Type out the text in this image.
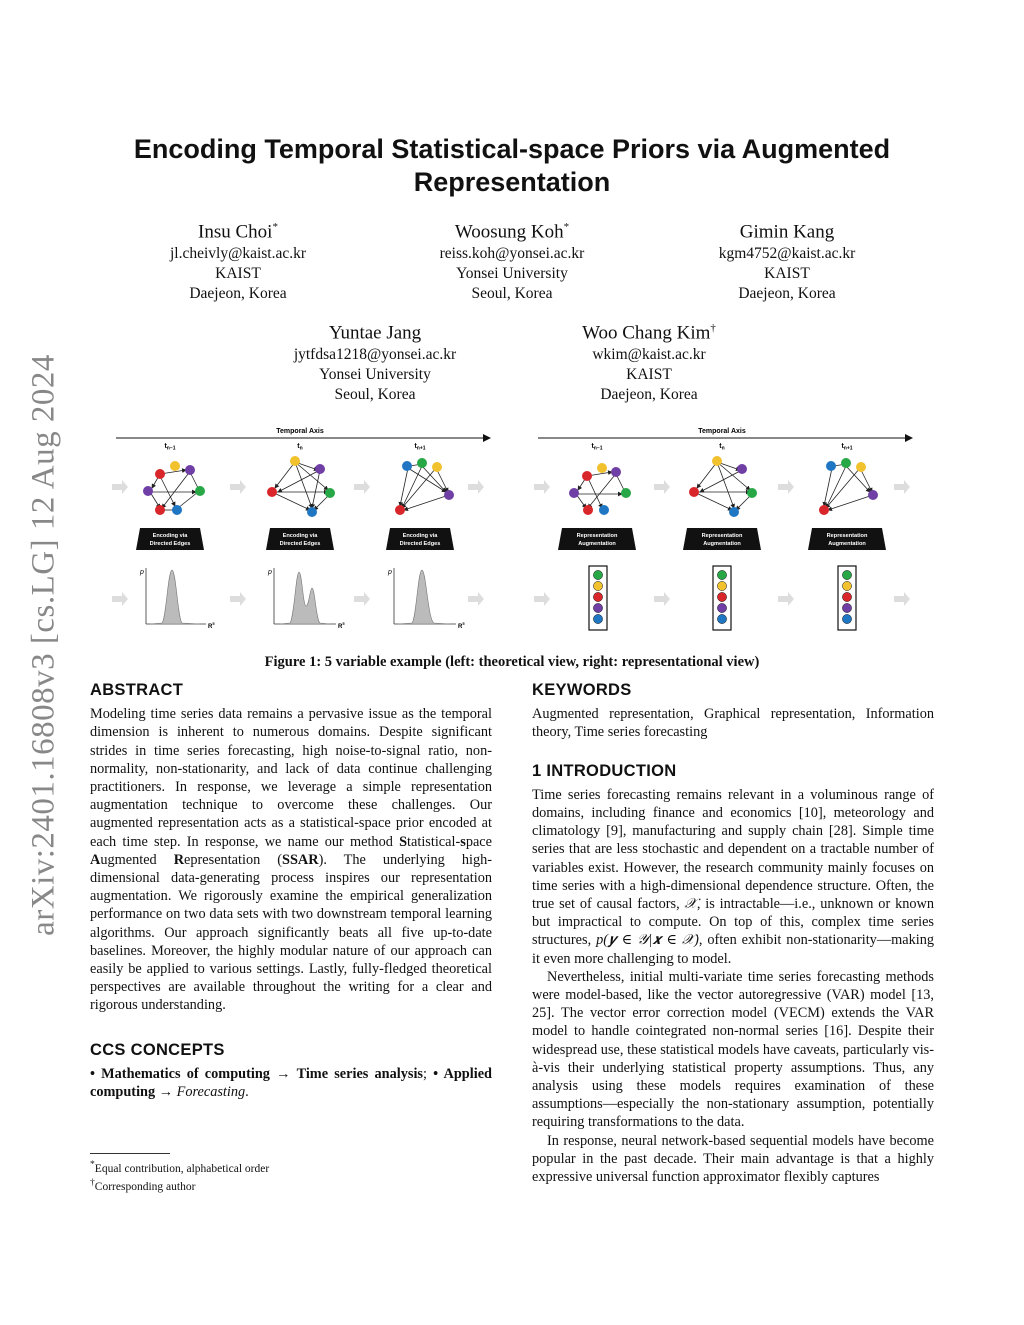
arXiv:2401.16808v3 [cs.LG] 12 Aug 2024
Encoding Temporal Statistical-space Priors via Augmented Representation
Insu Choi*
jl.cheivly@kaist.ac.kr
KAIST
Daejeon, Korea
Woosung Koh*
reiss.koh@yonsei.ac.kr
Yonsei University
Seoul, Korea
Gimin Kang
kgm4752@kaist.ac.kr
KAIST
Daejeon, Korea
Yuntae Jang
jytfdsa1218@yonsei.ac.kr
Yonsei University
Seoul, Korea
Woo Chang Kim†
wkim@kaist.ac.kr
KAIST
Daejeon, Korea
Temporal Axis
$t_{n-1}$	$t_n$	$t_{n+1}$
Encoding via
Directed Edges
Encoding via
Directed Edges
Encoding via
Directed Edges
p
$R^5$
p
$R^5$
p
$R^5$
Temporal Axis
$t_{n-1}$	$t_n$	$t_{n+1}$
Representation
Augmentation
Representation
Augmentation
Representation
Augmentation
Figure 1: 5 variable example (left: theoretical view, right: representational view)
ABSTRACT

Modeling time series data remains a pervasive issue as the temporal dimension is inherent to numerous domains. Despite significant strides in time series forecasting, high noise-to-signal ratio, non-normality, non-stationarity, and lack of data continue challenging practitioners. In response, we leverage a simple representation augmentation technique to overcome these challenges. Our augmented representation acts as a statistical-space prior encoded at each time step. In response, we name our method Statistical-space Augmented Representation (SSAR). The underlying high-dimensional data-generating process inspires our representation augmentation. We rigorously examine the empirical generalization performance on two data sets with two downstream temporal learning algorithms. Our approach significantly beats all five up-to-date baselines. Moreover, the highly modular nature of our approach can easily be applied to various settings. Lastly, fully-fledged theoretical perspectives are available throughout the writing for a clear and rigorous understanding.

CCS CONCEPTS

• Mathematics of computing → Time series analysis; • Applied computing → Forecasting.

*Equal contribution, alphabetical order
†Corresponding author
KEYWORDS

Augmented representation, Graphical representation, Information theory, Time series forecasting

1 INTRODUCTION

Time series forecasting remains relevant in a voluminous range of domains, including finance and economics [10], meteorology and climatology [9], manufacturing and supply chain [28]. Simple time series that are less stochastic and dependent on a tractable number of variables exist. However, the research community mainly focuses on time series with a high-dimensional dependence structure. Often, the true set of causal factors, 𝒳, is intractable—i.e., unknown or known but impractical to compute. On top of this, complex time series structures, p(𝒚 ∈ 𝒴|𝒙 ∈ 𝒳), often exhibit non-stationarity—making it even more challenging to model.

Nevertheless, initial multi-variate time series forecasting methods were model-based, like the vector autoregressive (VAR) model [13, 25]. The vector error correction model (VECM) extends the VAR model to handle cointegrated non-normal series [16]. Despite their widespread use, these statistical models have caveats, particularly vis-à-vis their underlying statistical property assumptions. Thus, any analysis using these models requires examination of these assumptions—especially the non-stationary assumption, potentially requiring transformations to the data.

In response, neural network-based sequential models have become popular in the past decade. Their main advantage is that a highly expressive universal function approximator flexibly captures
